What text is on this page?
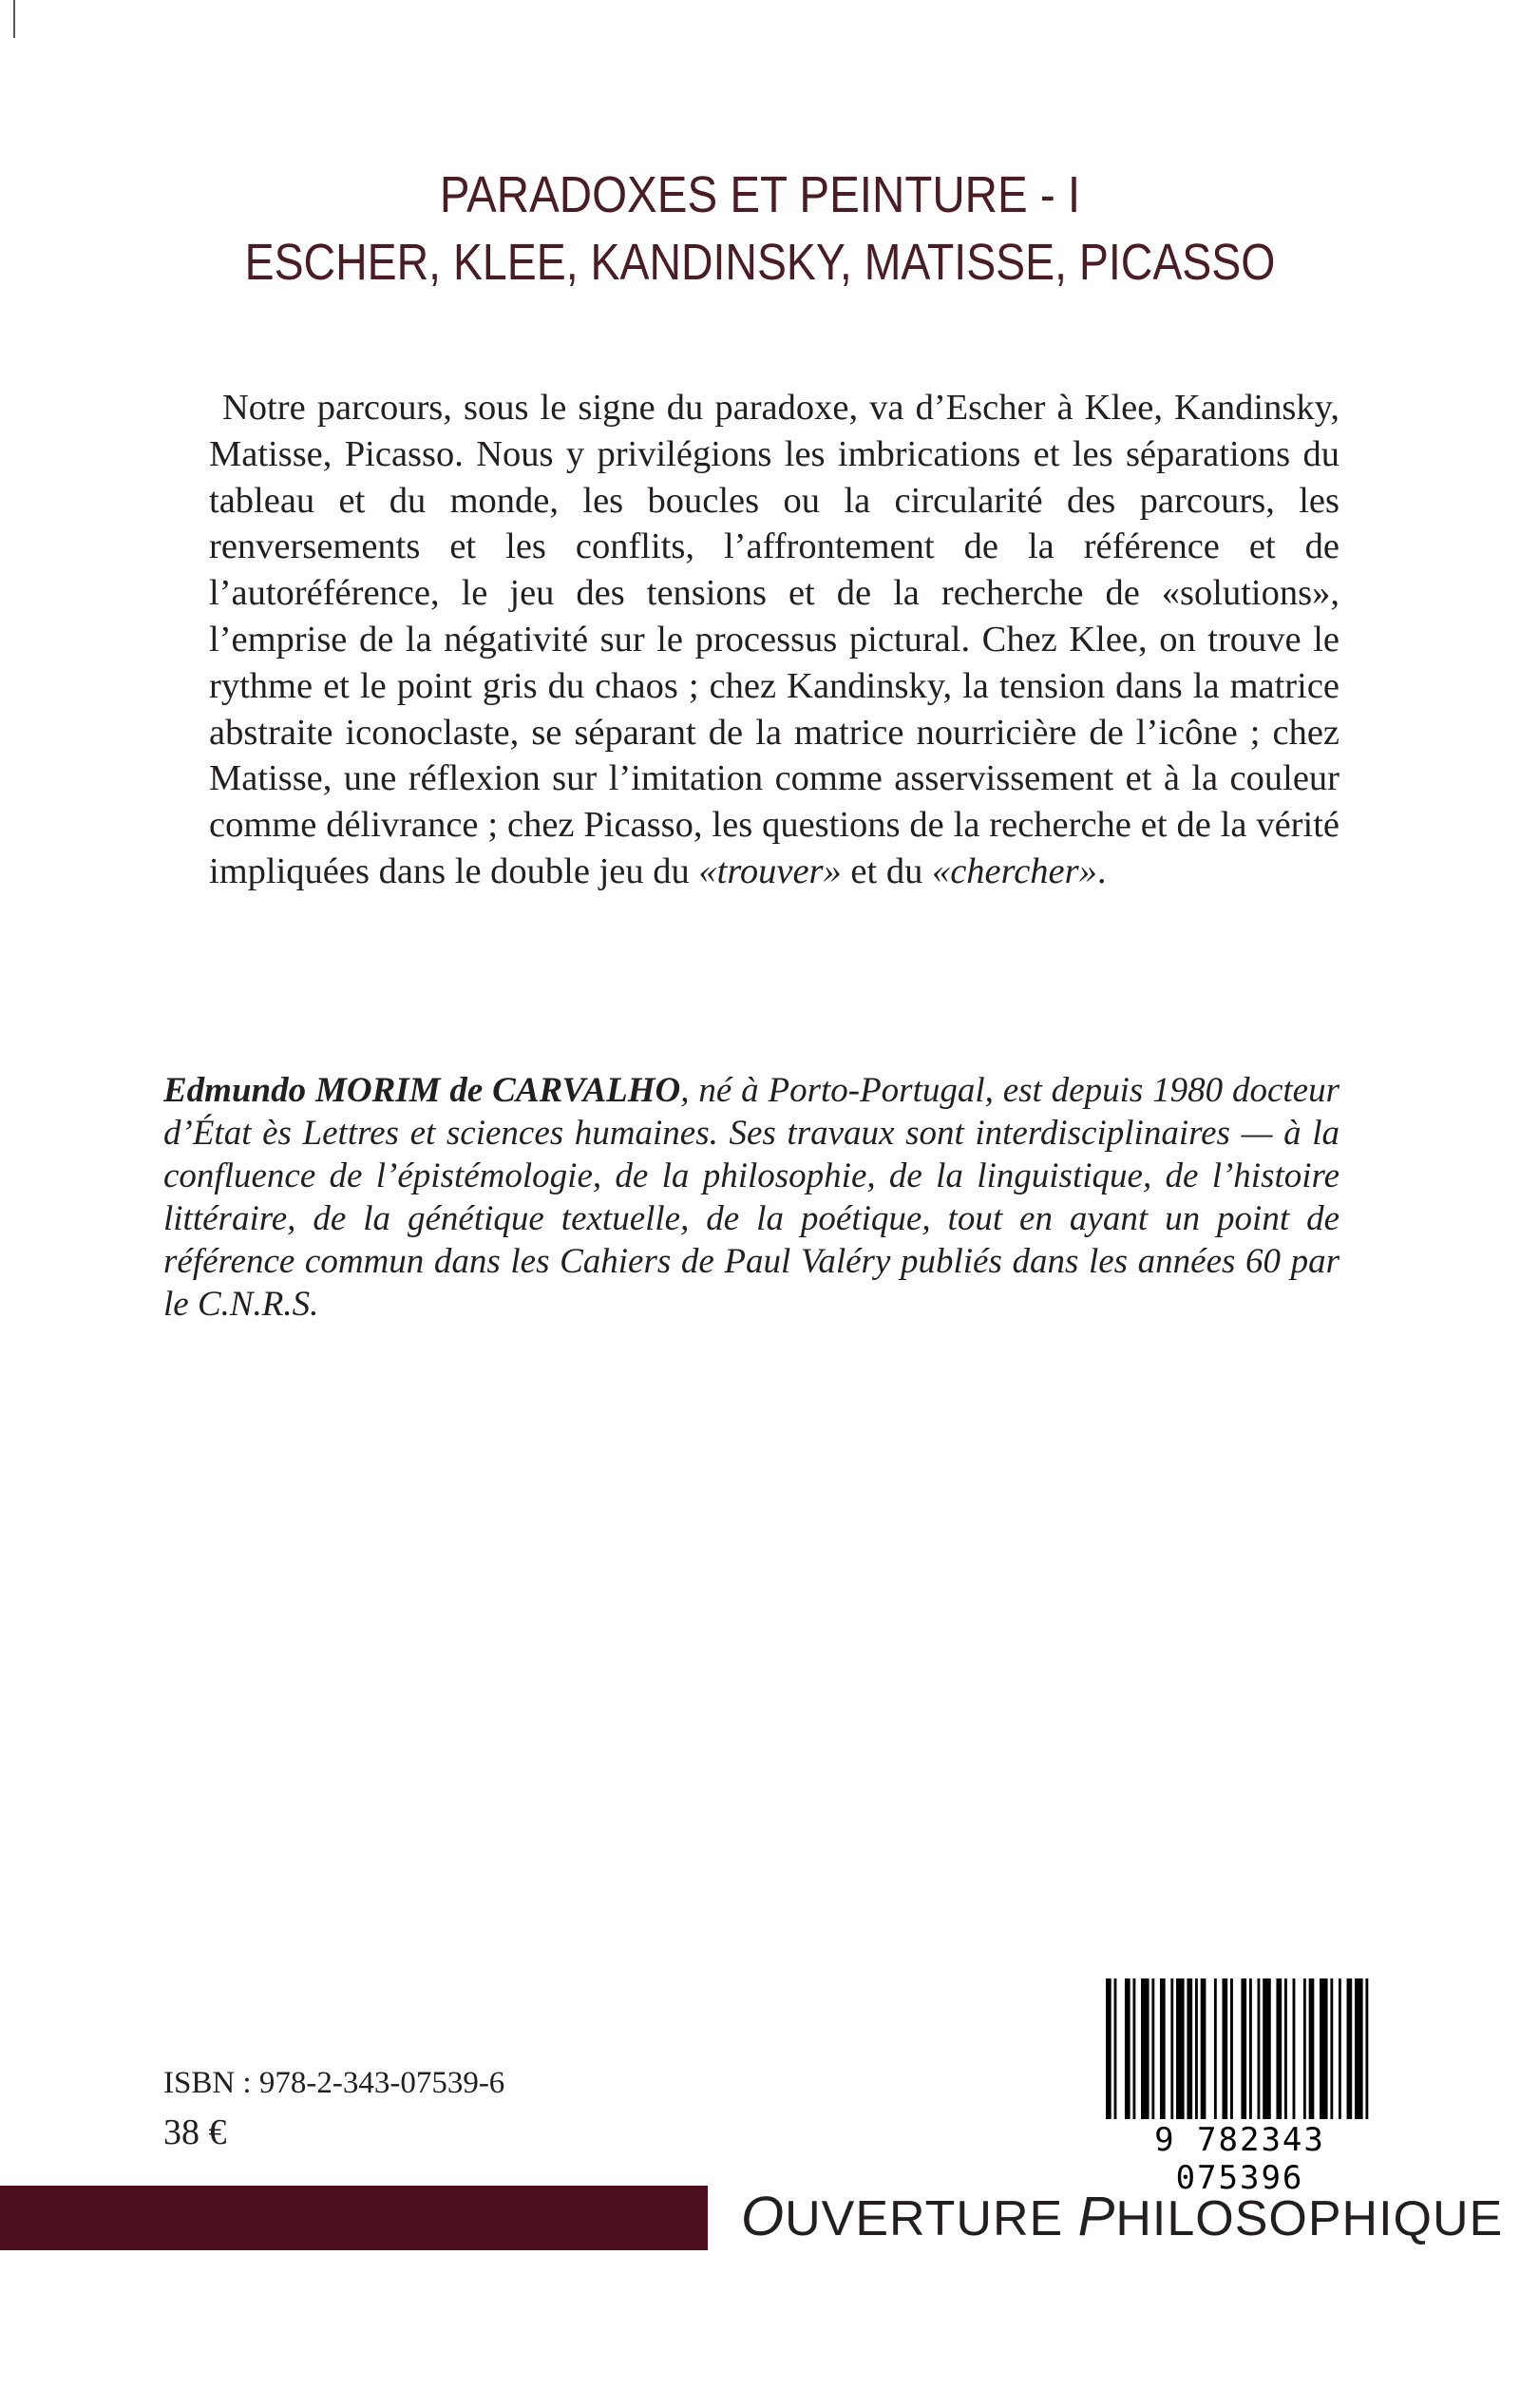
PARADOXES ET PEINTURE - I
ESCHER, KLEE, KANDINSKY, MATISSE, PICASSO

Notre parcours, sous le signe du paradoxe, va d’Escher à Klee, Kandinsky, Matisse, Picasso. Nous y privilégions les imbrications et les séparations du tableau et du monde, les boucles ou la circularité des parcours, les renversements et les conflits, l’affrontement de la référence et de l’autoréférence, le jeu des tensions et de la recherche de «solutions», l’emprise de la négativité sur le processus pictural. Chez Klee, on trouve le rythme et le point gris du chaos ; chez Kandinsky, la tension dans la matrice abstraite iconoclaste, se séparant de la matrice nourricière de l’icône ; chez Matisse, une réflexion sur l’imitation comme asservissement et à la couleur comme délivrance ; chez Picasso, les questions de la recherche et de la vérité impliquées dans le double jeu du «trouver» et du «chercher».

Edmundo MORIM de CARVALHO, né à Porto-Portugal, est depuis 1980 docteur d’État ès Lettres et sciences humaines. Ses travaux sont interdisciplinaires — à la confluence de l’épistémologie, de la philosophie, de la linguistique, de l’histoire littéraire, de la génétique textuelle, de la poétique, tout en ayant un point de référence commun dans les Cahiers de Paul Valéry publiés dans les années 60 par le C.N.R.S.

ISBN : 978-2-343-07539-6
38 €	9 782343 075396
OUVERTURE PHILOSOPHIQUE
